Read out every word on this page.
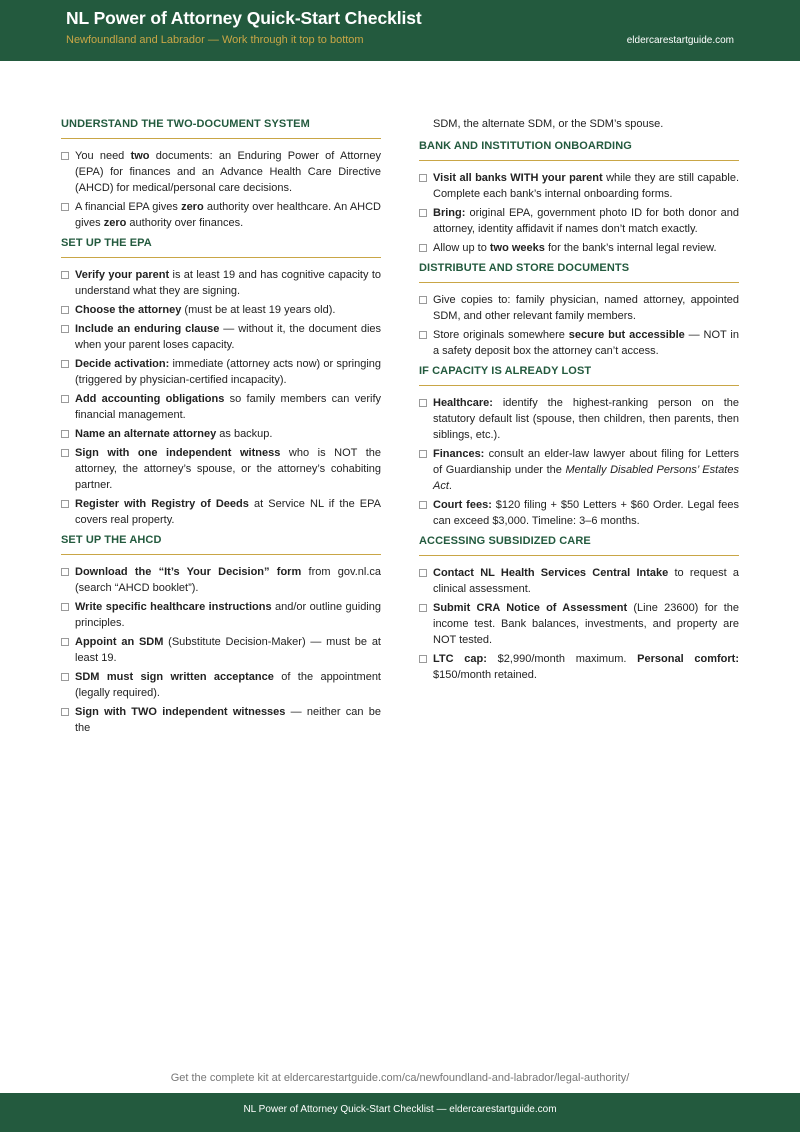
NL Power of Attorney Quick-Start Checklist
Newfoundland and Labrador — Work through it top to bottom	eldercarestartguide.com
UNDERSTAND THE TWO-DOCUMENT SYSTEM
You need two documents: an Enduring Power of Attorney (EPA) for finances and an Advance Health Care Directive (AHCD) for medical/personal care decisions.
A financial EPA gives zero authority over healthcare. An AHCD gives zero authority over finances.
SET UP THE EPA
Verify your parent is at least 19 and has cognitive capacity to understand what they are signing.
Choose the attorney (must be at least 19 years old).
Include an enduring clause — without it, the document dies when your parent loses capacity.
Decide activation: immediate (attorney acts now) or springing (triggered by physician-certified incapacity).
Add accounting obligations so family members can verify financial management.
Name an alternate attorney as backup.
Sign with one independent witness who is NOT the attorney, the attorney’s spouse, or the attorney’s cohabiting partner.
Register with Registry of Deeds at Service NL if the EPA covers real property.
SET UP THE AHCD
Download the “It’s Your Decision” form from gov.nl.ca (search “AHCD booklet”).
Write specific healthcare instructions and/or outline guiding principles.
Appoint an SDM (Substitute Decision-Maker) — must be at least 19.
SDM must sign written acceptance of the appointment (legally required).
Sign with TWO independent witnesses — neither can be the
SDM, the alternate SDM, or the SDM’s spouse.
BANK AND INSTITUTION ONBOARDING
Visit all banks WITH your parent while they are still capable. Complete each bank’s internal onboarding forms.
Bring: original EPA, government photo ID for both donor and attorney, identity affidavit if names don’t match exactly.
Allow up to two weeks for the bank’s internal legal review.
DISTRIBUTE AND STORE DOCUMENTS
Give copies to: family physician, named attorney, appointed SDM, and other relevant family members.
Store originals somewhere secure but accessible — NOT in a safety deposit box the attorney can’t access.
IF CAPACITY IS ALREADY LOST
Healthcare: identify the highest-ranking person on the statutory default list (spouse, then children, then parents, then siblings, etc.).
Finances: consult an elder-law lawyer about filing for Letters of Guardianship under the Mentally Disabled Persons’ Estates Act.
Court fees: $120 filing + $50 Letters + $60 Order. Legal fees can exceed $3,000. Timeline: 3–6 months.
ACCESSING SUBSIDIZED CARE
Contact NL Health Services Central Intake to request a clinical assessment.
Submit CRA Notice of Assessment (Line 23600) for the income test. Bank balances, investments, and property are NOT tested.
LTC cap: $2,990/month maximum. Personal comfort: $150/month retained.
Get the complete kit at eldercarestartguide.com/ca/newfoundland-and-labrador/legal-authority/
NL Power of Attorney Quick-Start Checklist — eldercarestartguide.com
